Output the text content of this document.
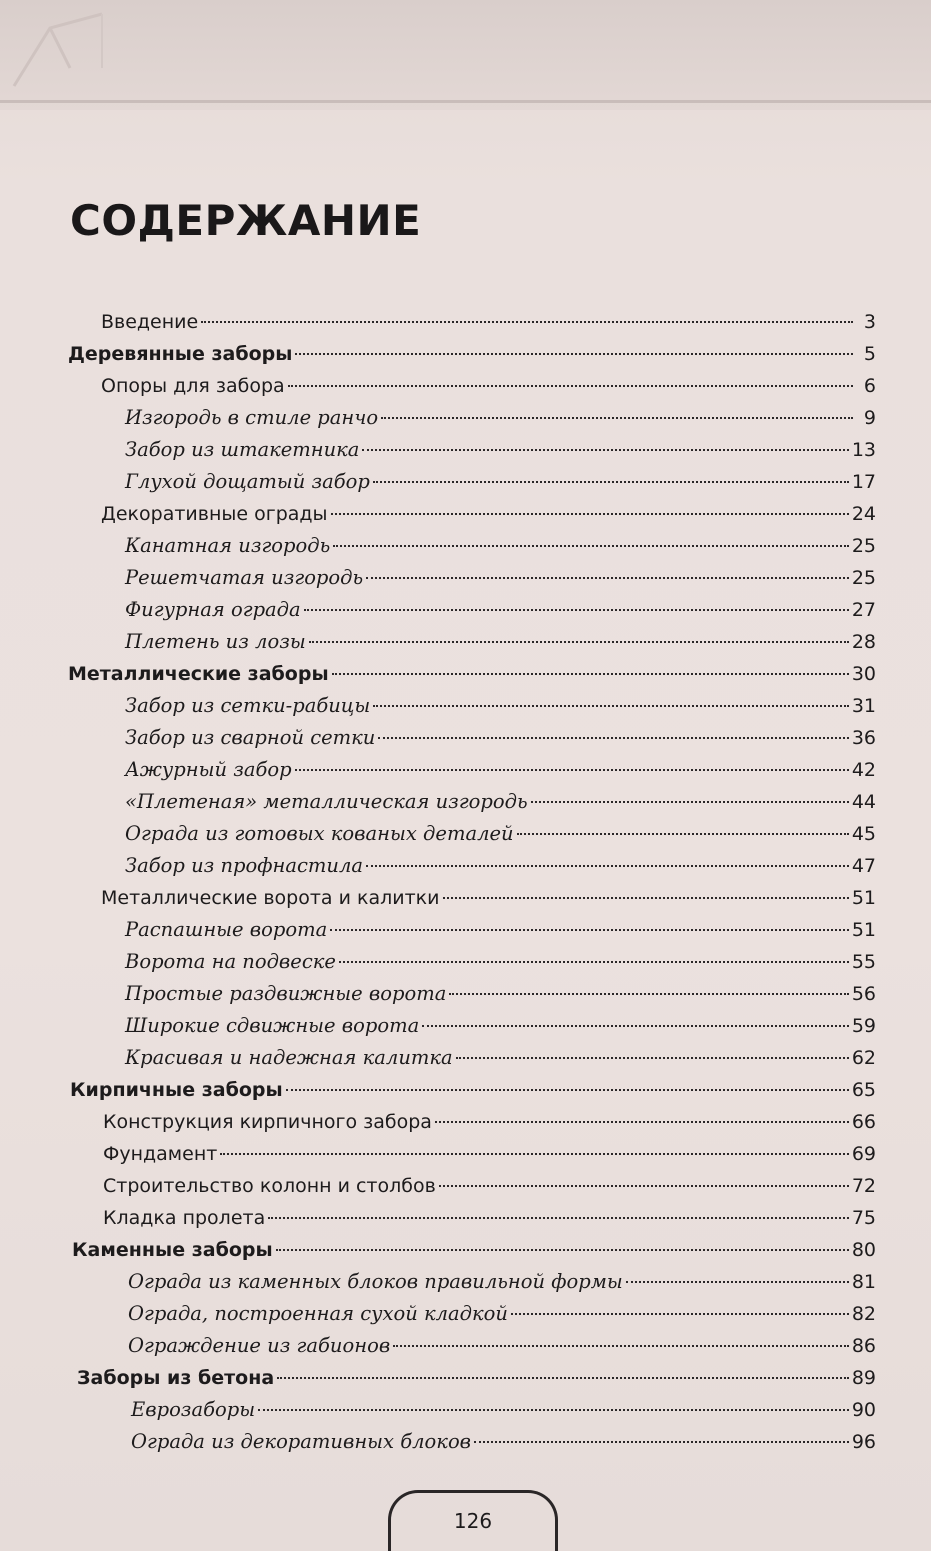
СОДЕРЖАНИЕ
Введение	3
Деревянные заборы	5
Опоры для забора	6
Изгородь в стиле ранчо	9
Забор из штакетника	13
Глухой дощатый забор	17
Декоративные ограды	24
Канатная изгородь	25
Решетчатая изгородь	25
Фигурная ограда	27
Плетень из лозы	28
Металлические заборы	30
Забор из сетки-рабицы	31
Забор из сварной сетки	36
Ажурный забор	42
«Плетеная» металлическая изгородь	44
Ограда из готовых кованых деталей	45
Забор из профнастила	47
Металлические ворота и калитки	51
Распашные ворота	51
Ворота на подвеске	55
Простые раздвижные ворота	56
Широкие сдвижные ворота	59
Красивая и надежная калитка	62
Кирпичные заборы	65
Конструкция кирпичного забора	66
Фундамент	69
Строительство колонн и столбов	72
Кладка пролета	75
Каменные заборы	80
Ограда из каменных блоков правильной формы	81
Ограда, построенная сухой кладкой	82
Ограждение из габионов	86
Заборы из бетона	89
Еврозаборы	90
Ограда из декоративных блоков	96
126
